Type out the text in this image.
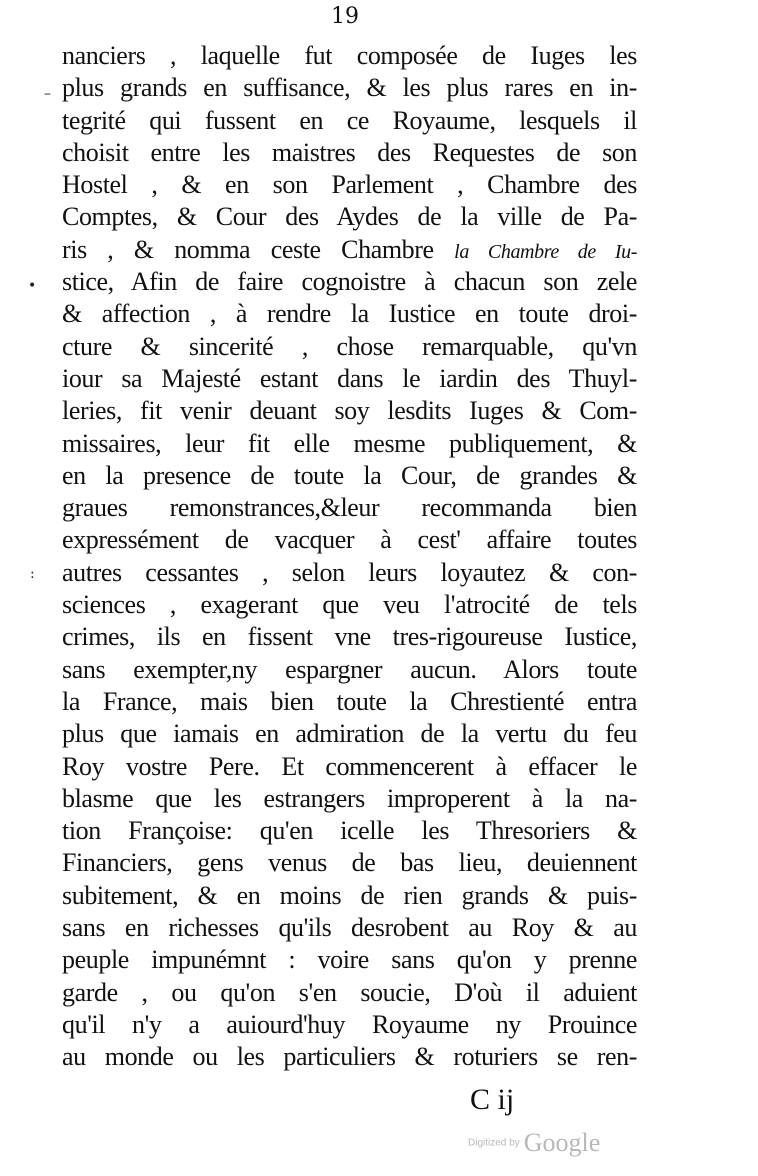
19
–
•
:
nanciers , laquelle fut composée de Iuges les
plus grands en suffisance, & les plus rares en in-
tegrité qui fussent en ce Royaume, lesquels il
choisit entre les maistres des Requestes de son
Hostel , & en son Parlement , Chambre des
Comptes, & Cour des Aydes de la ville de Pa-
ris , & nomma ceste Chambre la Chambre de Iu-
stice, Afin de faire cognoistre à chacun son zele
& affection , à rendre la Iustice en toute droi-
cture & sincerité , chose remarquable, qu'vn
iour sa Majesté estant dans le iardin des Thuyl-
leries, fit venir deuant soy lesdits Iuges & Com-
missaires, leur fit elle mesme publiquement, &
en la presence de toute la Cour, de grandes &
graues remonstrances,&leur recommanda bien
expressément de vacquer à cest' affaire toutes
autres cessantes , selon leurs loyautez & con-
sciences , exagerant que veu l'atrocité de tels
crimes, ils en fissent vne tres-rigoureuse Iustice,
sans exempter,ny espargner aucun. Alors toute
la France, mais bien toute la Chrestienté entra
plus que iamais en admiration de la vertu du feu
Roy vostre Pere. Et commencerent à effacer le
blasme que les estrangers improperent à la na-
tion Françoise: qu'en icelle les Thresoriers &
Financiers, gens venus de bas lieu, deuiennent
subitement, & en moins de rien grands & puis-
sans en richesses qu'ils desrobent au Roy & au
peuple impunémnt : voire sans qu'on y prenne
garde , ou qu'on s'en soucie, D'où il aduient
qu'il n'y a auiourd'huy Royaume ny Prouince
au monde ou les particuliers & roturiers se ren-
C ij
Digitized by Google
